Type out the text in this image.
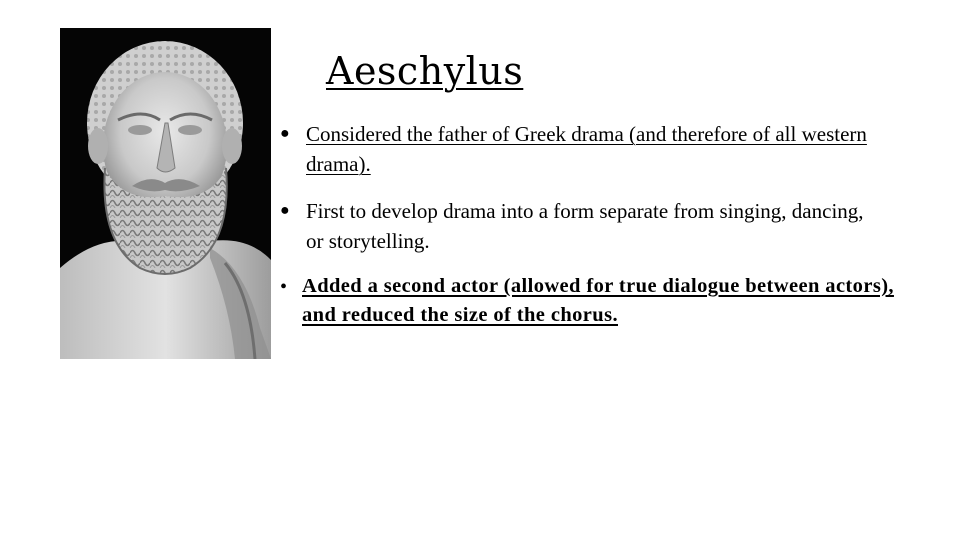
Aeschylus
● Considered the father of Greek drama (and therefore of all western drama).
● First to develop drama into a form separate from singing, dancing, or storytelling.
• Added a second actor (allowed for true dialogue between actors), and reduced the size of the chorus.
